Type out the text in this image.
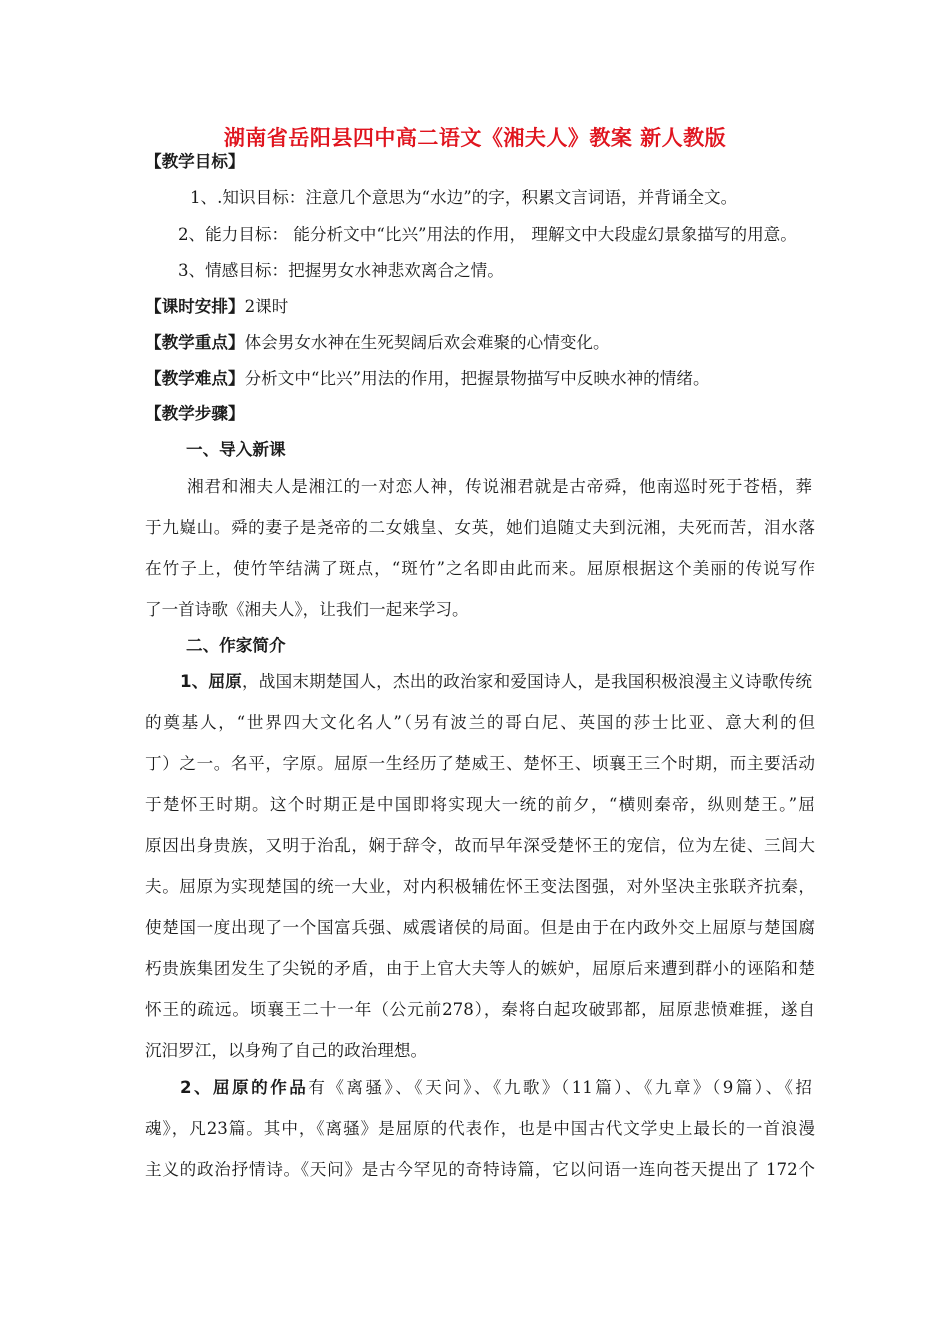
湖南省岳阳县四中高二语文《湘夫人》教案 新人教版
【教学目标】
1、.知识目标：注意几个意思为“水边”的字，积累文言词语，并背诵全文。
2、能力目标： 能分析文中“比兴”用法的作用， 理解文中大段虚幻景象描写的用意。
3、情感目标：把握男女水神悲欢离合之情。
【课时安排】2课时
【教学重点】体会男女水神在生死契阔后欢会难聚的心情变化。
【教学难点】分析文中“比兴”用法的作用，把握景物描写中反映水神的情绪。
【教学步骤】
一、导入新课
湘君和湘夫人是湘江的一对恋人神，传说湘君就是古帝舜，他南巡时死于苍梧，葬
于九嶷山。舜的妻子是尧帝的二女娥皇、女英，她们追随丈夫到沅湘，夫死而苦，泪水落
在竹子上，使竹竿结满了斑点，“斑竹”之名即由此而来。屈原根据这个美丽的传说写作
了一首诗歌《湘夫人》，让我们一起来学习。
二、作家简介
1、屈原，战国末期楚国人，杰出的政治家和爱国诗人，是我国积极浪漫主义诗歌传统
的奠基人，“世界四大文化名人”（另有波兰的哥白尼、英国的莎士比亚、意大利的但
丁）之一。名平，字原。屈原一生经历了楚威王、楚怀王、顷襄王三个时期，而主要活动
于楚怀王时期。这个时期正是中国即将实现大一统的前夕，“横则秦帝，纵则楚王。”屈
原因出身贵族，又明于治乱，娴于辞令，故而早年深受楚怀王的宠信，位为左徒、三闾大
夫。屈原为实现楚国的统一大业，对内积极辅佐怀王变法图强，对外坚决主张联齐抗秦，
使楚国一度出现了一个国富兵强、威震诸侯的局面。但是由于在内政外交上屈原与楚国腐
朽贵族集团发生了尖锐的矛盾，由于上官大夫等人的嫉妒，屈原后来遭到群小的诬陷和楚
怀王的疏远。顷襄王二十一年（公元前278），秦将白起攻破郢都，屈原悲愤难捱，遂自
沉汨罗江，以身殉了自己的政治理想。
2、屈原的作品有《离骚》、《天问》、《九歌》（11篇）、《九章》（9篇）、《招
魂》，凡23篇。其中，《离骚》是屈原的代表作，也是中国古代文学史上最长的一首浪漫
主义的政治抒情诗。《天问》是古今罕见的奇特诗篇，它以问语一连向苍天提出了 172个
